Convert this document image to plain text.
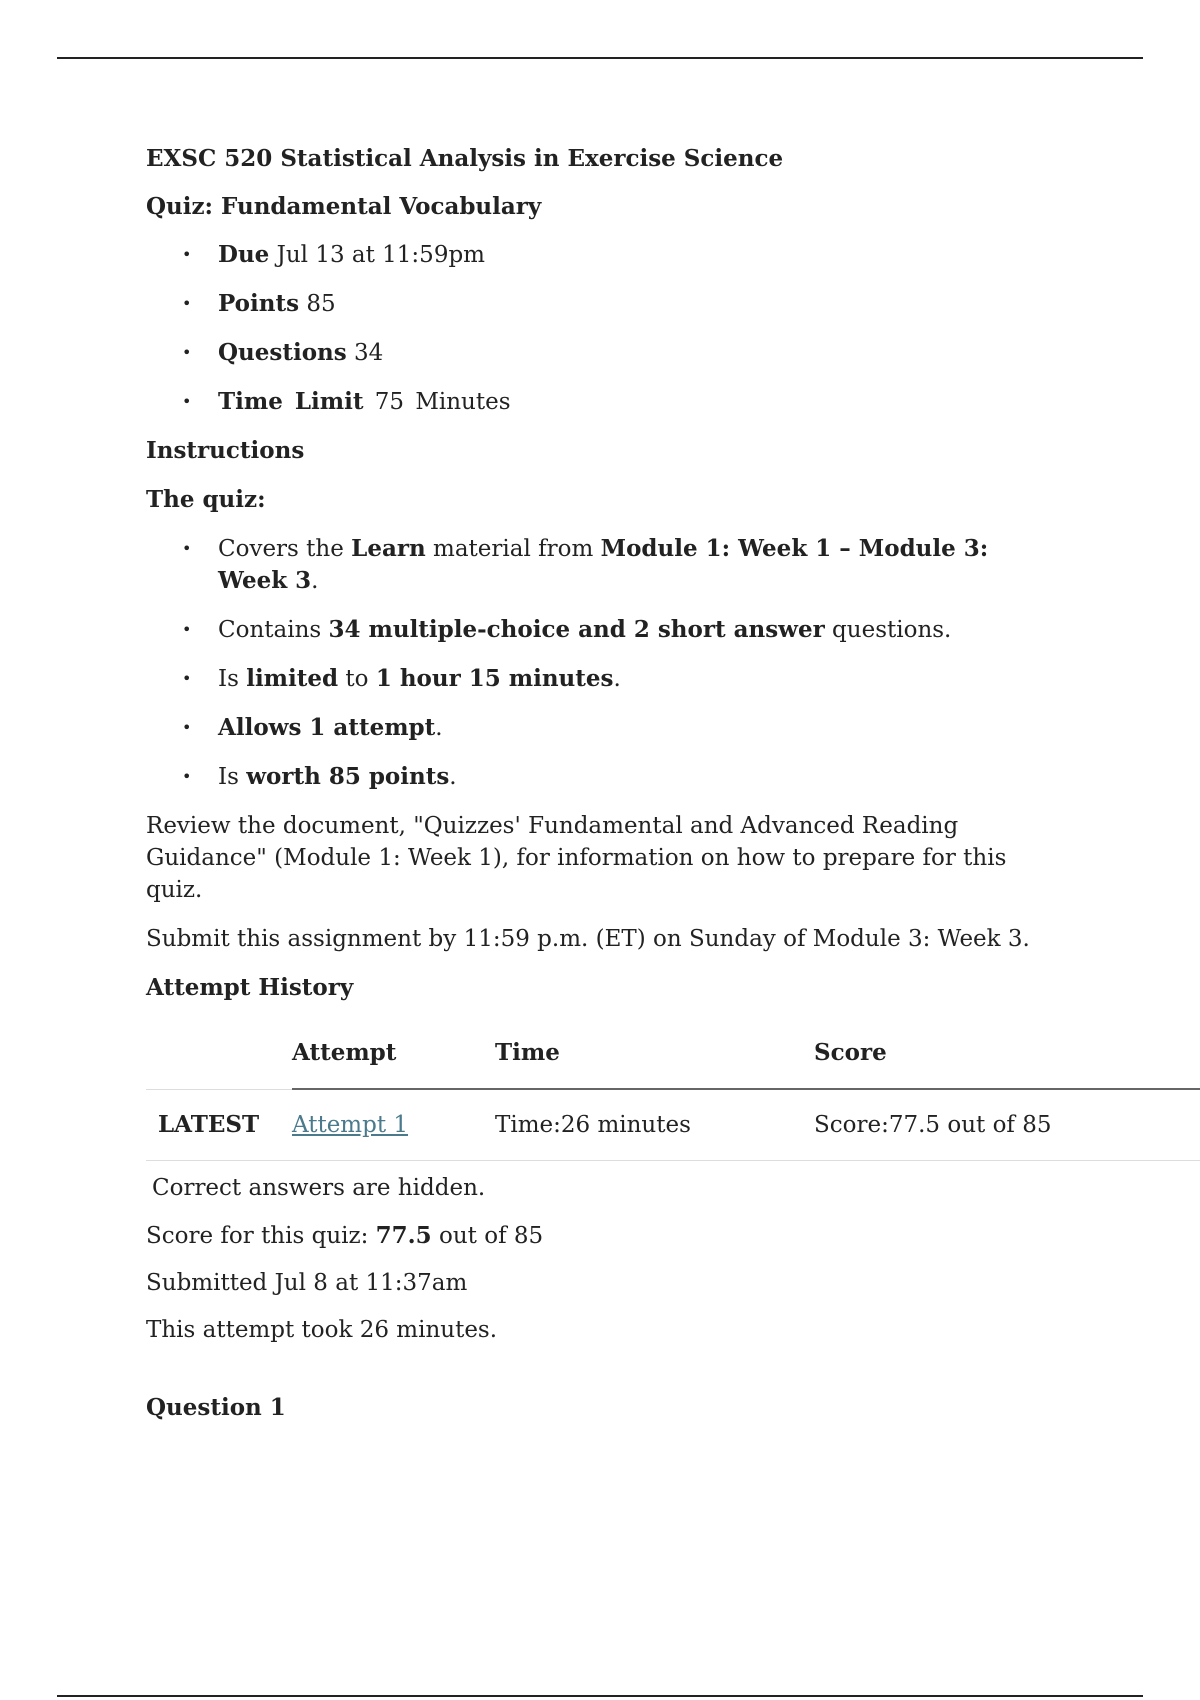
EXSC 520 Statistical Analysis in Exercise Science

Quiz: Fundamental Vocabulary

• Due Jul 13 at 11:59pm
• Points 85
• Questions 34
• Time Limit 75 Minutes

Instructions

The quiz:

• Covers the Learn material from Module 1: Week 1 – Module 3: Week 3.
• Contains 34 multiple-choice and 2 short answer questions.
• Is limited to 1 hour 15 minutes.
• Allows 1 attempt.
• Is worth 85 points.

Review the document, "Quizzes' Fundamental and Advanced Reading Guidance" (Module 1: Week 1), for information on how to prepare for this quiz.

Submit this assignment by 11:59 p.m. (ET) on Sunday of Module 3: Week 3.

Attempt History

	Attempt	Time	Score
LATEST	Attempt 1	Time:26 minutes	Score:77.5 out of 85

Correct answers are hidden.

Score for this quiz: 77.5 out of 85

Submitted Jul 8 at 11:37am

This attempt took 26 minutes.

Question 1
